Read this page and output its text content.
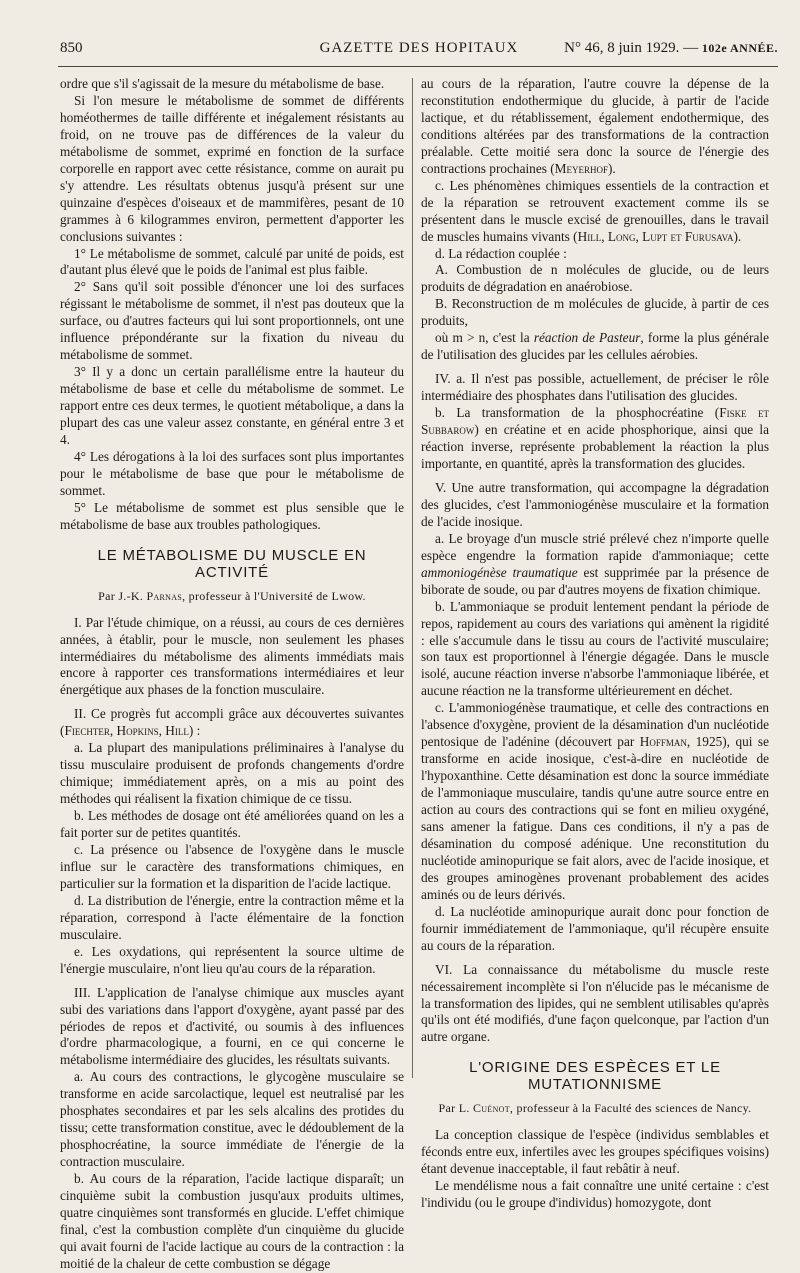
850	GAZETTE DES HOPITAUX	N° 46, 8 juin 1929. — 102e ANNÉE.

ordre que s'il s'agissait de la mesure du métabolisme de base.

Si l'on mesure le métabolisme de sommet de différents homéothermes de taille différente et inégalement résistants au froid, on ne trouve pas de différences de la valeur du métabolisme de sommet, exprimé en fonction de la surface corporelle en rapport avec cette résistance, comme on aurait pu s'y attendre. Les résultats obtenus jusqu'à présent sur une quinzaine d'espèces d'oiseaux et de mammifères, pesant de 10 grammes à 6 kilogrammes environ, permettent d'apporter les conclusions suivantes :

1° Le métabolisme de sommet, calculé par unité de poids, est d'autant plus élevé que le poids de l'animal est plus faible.

2° Sans qu'il soit possible d'énoncer une loi des surfaces régissant le métabolisme de sommet, il n'est pas douteux que la surface, ou d'autres facteurs qui lui sont proportionnels, ont une influence prépondérante sur la fixation du niveau du métabolisme de sommet.

3° Il y a donc un certain parallélisme entre la hauteur du métabolisme de base et celle du métabolisme de sommet. Le rapport entre ces deux termes, le quotient métabolique, a dans la plupart des cas une valeur assez constante, en général entre 3 et 4.

4° Les dérogations à la loi des surfaces sont plus importantes pour le métabolisme de base que pour le métabolisme de sommet.

5° Le métabolisme de sommet est plus sensible que le métabolisme de base aux troubles pathologiques.

LE MÉTABOLISME DU MUSCLE EN ACTIVITÉ
Par J.-K. Parnas, professeur à l'Université de Lwow.

I. Par l'étude chimique, on a réussi, au cours de ces dernières années, à établir, pour le muscle, non seulement les phases intermédiaires du métabolisme des aliments immédiats mais encore à rapporter ces transformations intermédiaires et leur énergétique aux phases de la fonction musculaire.

II. Ce progrès fut accompli grâce aux découvertes suivantes (Fiechter, Hopkins, Hill) :

a. La plupart des manipulations préliminaires à l'analyse du tissu musculaire produisent de profonds changements d'ordre chimique; immédiatement après, on a mis au point des méthodes qui réalisent la fixation chimique de ce tissu.

b. Les méthodes de dosage ont été améliorées quand on les a fait porter sur de petites quantités.

c. La présence ou l'absence de l'oxygène dans le muscle influe sur le caractère des transformations chimiques, en particulier sur la formation et la disparition de l'acide lactique.

d. La distribution de l'énergie, entre la contraction même et la réparation, correspond à l'acte élémentaire de la fonction musculaire.

e. Les oxydations, qui représentent la source ultime de l'énergie musculaire, n'ont lieu qu'au cours de la réparation.

III. L'application de l'analyse chimique aux muscles ayant subi des variations dans l'apport d'oxygène, ayant passé par des périodes de repos et d'activité, ou soumis à des influences d'ordre pharmacologique, a fourni, en ce qui concerne le métabolisme intermédiaire des glucides, les résultats suivants.

a. Au cours des contractions, le glycogène musculaire se transforme en acide sarcolactique, lequel est neutralisé par les phosphates secondaires et par les sels alcalins des protides du tissu; cette transformation constitue, avec le dédoublement de la phosphocréatine, la source immédiate de l'énergie de la contraction musculaire.

b. Au cours de la réparation, l'acide lactique disparaît; un cinquième subit la combustion jusqu'aux produits ultimes, quatre cinquièmes sont transformés en glucide. L'effet chimique final, c'est la combustion complète d'un cinquième du glucide qui avait fourni de l'acide lactique au cours de la contraction : la moitié de la chaleur de cette combustion se dégage

au cours de la réparation, l'autre couvre la dépense de la reconstitution endothermique du glucide, à partir de l'acide lactique, et du rétablissement, également endothermique, des conditions altérées par des transformations de la contraction préalable. Cette moitié sera donc la source de l'énergie des contractions prochaines (Meyerhof).

c. Les phénomènes chimiques essentiels de la contraction et de la réparation se retrouvent exactement comme ils se présentent dans le muscle excisé de grenouilles, dans le travail de muscles humains vivants (Hill, Long, Lupt et Furusava).

d. La rédaction couplée :

A. Combustion de n molécules de glucide, ou de leurs produits de dégradation en anaérobiose.

B. Reconstruction de m molécules de glucide, à partir de ces produits,

où m > n, c'est la réaction de Pasteur, forme la plus générale de l'utilisation des glucides par les cellules aérobies.

IV. a. Il n'est pas possible, actuellement, de préciser le rôle intermédiaire des phosphates dans l'utilisation des glucides.

b. La transformation de la phosphocréatine (Fiske et Subbarow) en créatine et en acide phosphorique, ainsi que la réaction inverse, représente probablement la réaction la plus importante, en quantité, après la transformation des glucides.

V. Une autre transformation, qui accompagne la dégradation des glucides, c'est l'ammoniogénèse musculaire et la formation de l'acide inosique.

a. Le broyage d'un muscle strié prélevé chez n'importe quelle espèce engendre la formation rapide d'ammoniaque; cette ammoniogénèse traumatique est supprimée par la présence de biborate de soude, ou par d'autres moyens de fixation chimique.

b. L'ammoniaque se produit lentement pendant la période de repos, rapidement au cours des variations qui amènent la rigidité : elle s'accumule dans le tissu au cours de l'activité musculaire; son taux est proportionnel à l'énergie dégagée. Dans le muscle isolé, aucune réaction inverse n'absorbe l'ammoniaque libérée, et aucune réaction ne la transforme ultérieurement en déchet.

c. L'ammoniogénèse traumatique, et celle des contractions en l'absence d'oxygène, provient de la désamination d'un nucléotide pentosique de l'adénine (découvert par Hoffman, 1925), qui se transforme en acide inosique, c'est-à-dire en nucléotide de l'hypoxanthine. Cette désamination est donc la source immédiate de l'ammoniaque musculaire, tandis qu'une autre source entre en action au cours des contractions qui se font en milieu oxygéné, sans amener la fatigue. Dans ces conditions, il n'y a pas de désamination du composé adénique. Une reconstitution du nucléotide aminopurique se fait alors, avec de l'acide inosique, et des groupes aminogènes provenant probablement des acides aminés ou de leurs dérivés.

d. La nucléotide aminopurique aurait donc pour fonction de fournir immédiatement de l'ammoniaque, qu'il récupère ensuite au cours de la réparation.

VI. La connaissance du métabolisme du muscle reste nécessairement incomplète si l'on n'élucide pas le mécanisme de la transformation des lipides, qui ne semblent utilisables qu'après qu'ils ont été modifiés, d'une façon quelconque, par l'action d'un autre organe.

L'ORIGINE DES ESPÈCES ET LE MUTATIONNISME
Par L. Cuénot, professeur à la Faculté des sciences de Nancy.

La conception classique de l'espèce (individus semblables et féconds entre eux, infertiles avec les groupes spécifiques voisins) étant devenue inacceptable, il faut rebâtir à neuf.

Le mendélisme nous a fait connaître une unité certaine : c'est l'individu (ou le groupe d'individus) homozygote, dont
